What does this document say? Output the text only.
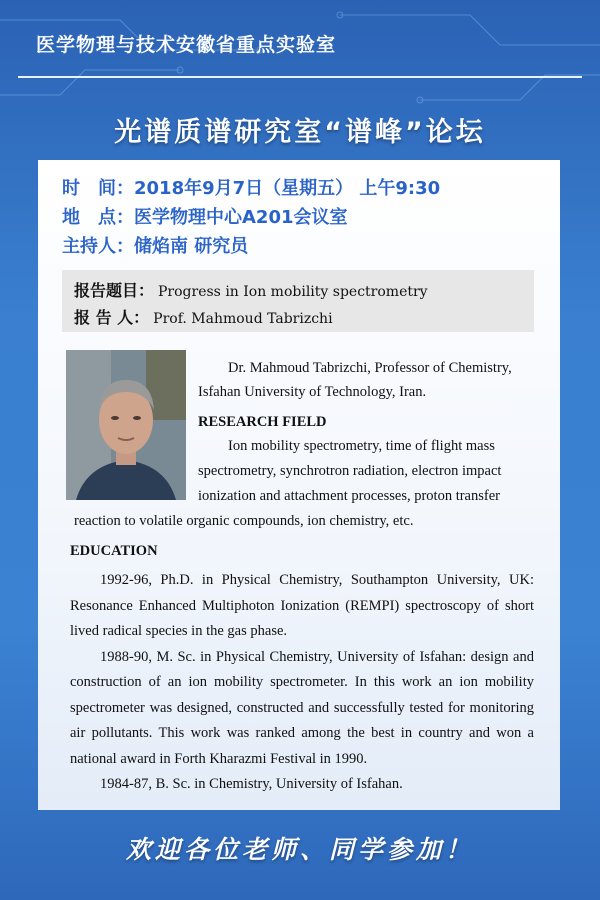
医学物理与技术安徽省重点实验室
光谱质谱研究室“谱峰”论坛
时　间：2018年9月7日（星期五） 上午9:30
地　点：医学物理中心A201会议室
主持人：储焰南 研究员
报告题目： Progress in Ion mobility spectrometry
报 告 人： Prof. Mahmoud Tabrizchi

Dr. Mahmoud Tabrizchi, Professor of Chemistry,

Isfahan University of Technology, Iran.

RESEARCH FIELD
Ion mobility spectrometry, time of flight mass
spectrometry, synchrotron radiation, electron impact
ionization and attachment processes, proton transfer
reaction to volatile organic compounds, ion chemistry, etc.
EDUCATION

1992-96, Ph.D. in Physical Chemistry, Southampton University, UK: Resonance Enhanced Multiphoton Ionization (REMPI) spectroscopy of short lived radical species in the gas phase.

1988-90, M. Sc. in Physical Chemistry, University of Isfahan: design and construction of an ion mobility spectrometer. In this work an ion mobility spectrometer was designed, constructed and successfully tested for monitoring air pollutants. This work was ranked among the best in country and won a national award in Forth Kharazmi Festival in 1990.

1984-87, B. Sc. in Chemistry, University of Isfahan.

欢迎各位老师、同学参加！
